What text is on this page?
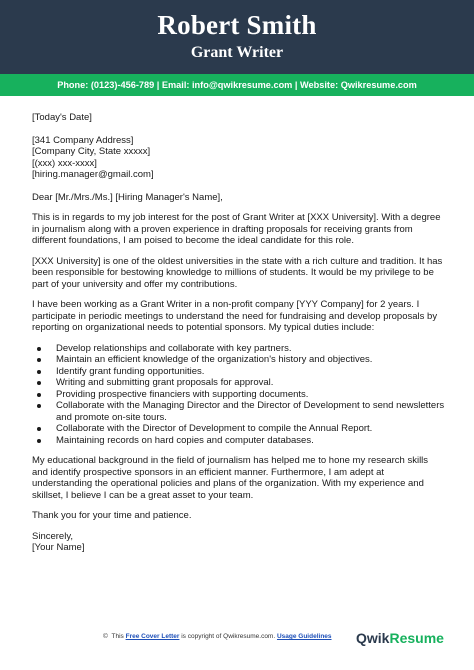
Robert Smith
Grant Writer
Phone: (0123)-456-789 | Email: info@qwikresume.com | Website: Qwikresume.com

[Today's Date]

[341 Company Address]

[Company City, State xxxxx]

[(xxx) xxx-xxxx]

[hiring.manager@gmail.com]

Dear [Mr./Mrs./Ms.] [Hiring Manager's Name],

This is in regards to my job interest for the post of Grant Writer at [XXX University]. With a degree in journalism along with a proven experience in drafting proposals for receiving grants from different foundations, I am poised to become the ideal candidate for this role.

[XXX University] is one of the oldest universities in the state with a rich culture and tradition. It has been responsible for bestowing knowledge to millions of students. It would be my privilege to be part of your university and offer my contributions.

I have been working as a Grant Writer in a non-profit company [YYY Company] for 2 years. I participate in periodic meetings to understand the need for fundraising and develop proposals by reporting on organizational needs to potential sponsors. My typical duties include:

Develop relationships and collaborate with key partners.
Maintain an efficient knowledge of the organization's history and objectives.
Identify grant funding opportunities.
Writing and submitting grant proposals for approval.
Providing prospective financiers with supporting documents.
Collaborate with the Managing Director and the Director of Development to send newsletters and promote on-site tours.
Collaborate with the Director of Development to compile the Annual Report.
Maintaining records on hard copies and computer databases.

My educational background in the field of journalism has helped me to hone my research skills and identify prospective sponsors in an efficient manner. Furthermore, I am adept at understanding the operational policies and plans of the organization. With my experience and skillset, I believe I can be a great asset to your team.

Thank you for your time and patience.

Sincerely,

[Your Name]

© This Free Cover Letter is copyright of Qwikresume.com. Usage Guidelines QwikResume
